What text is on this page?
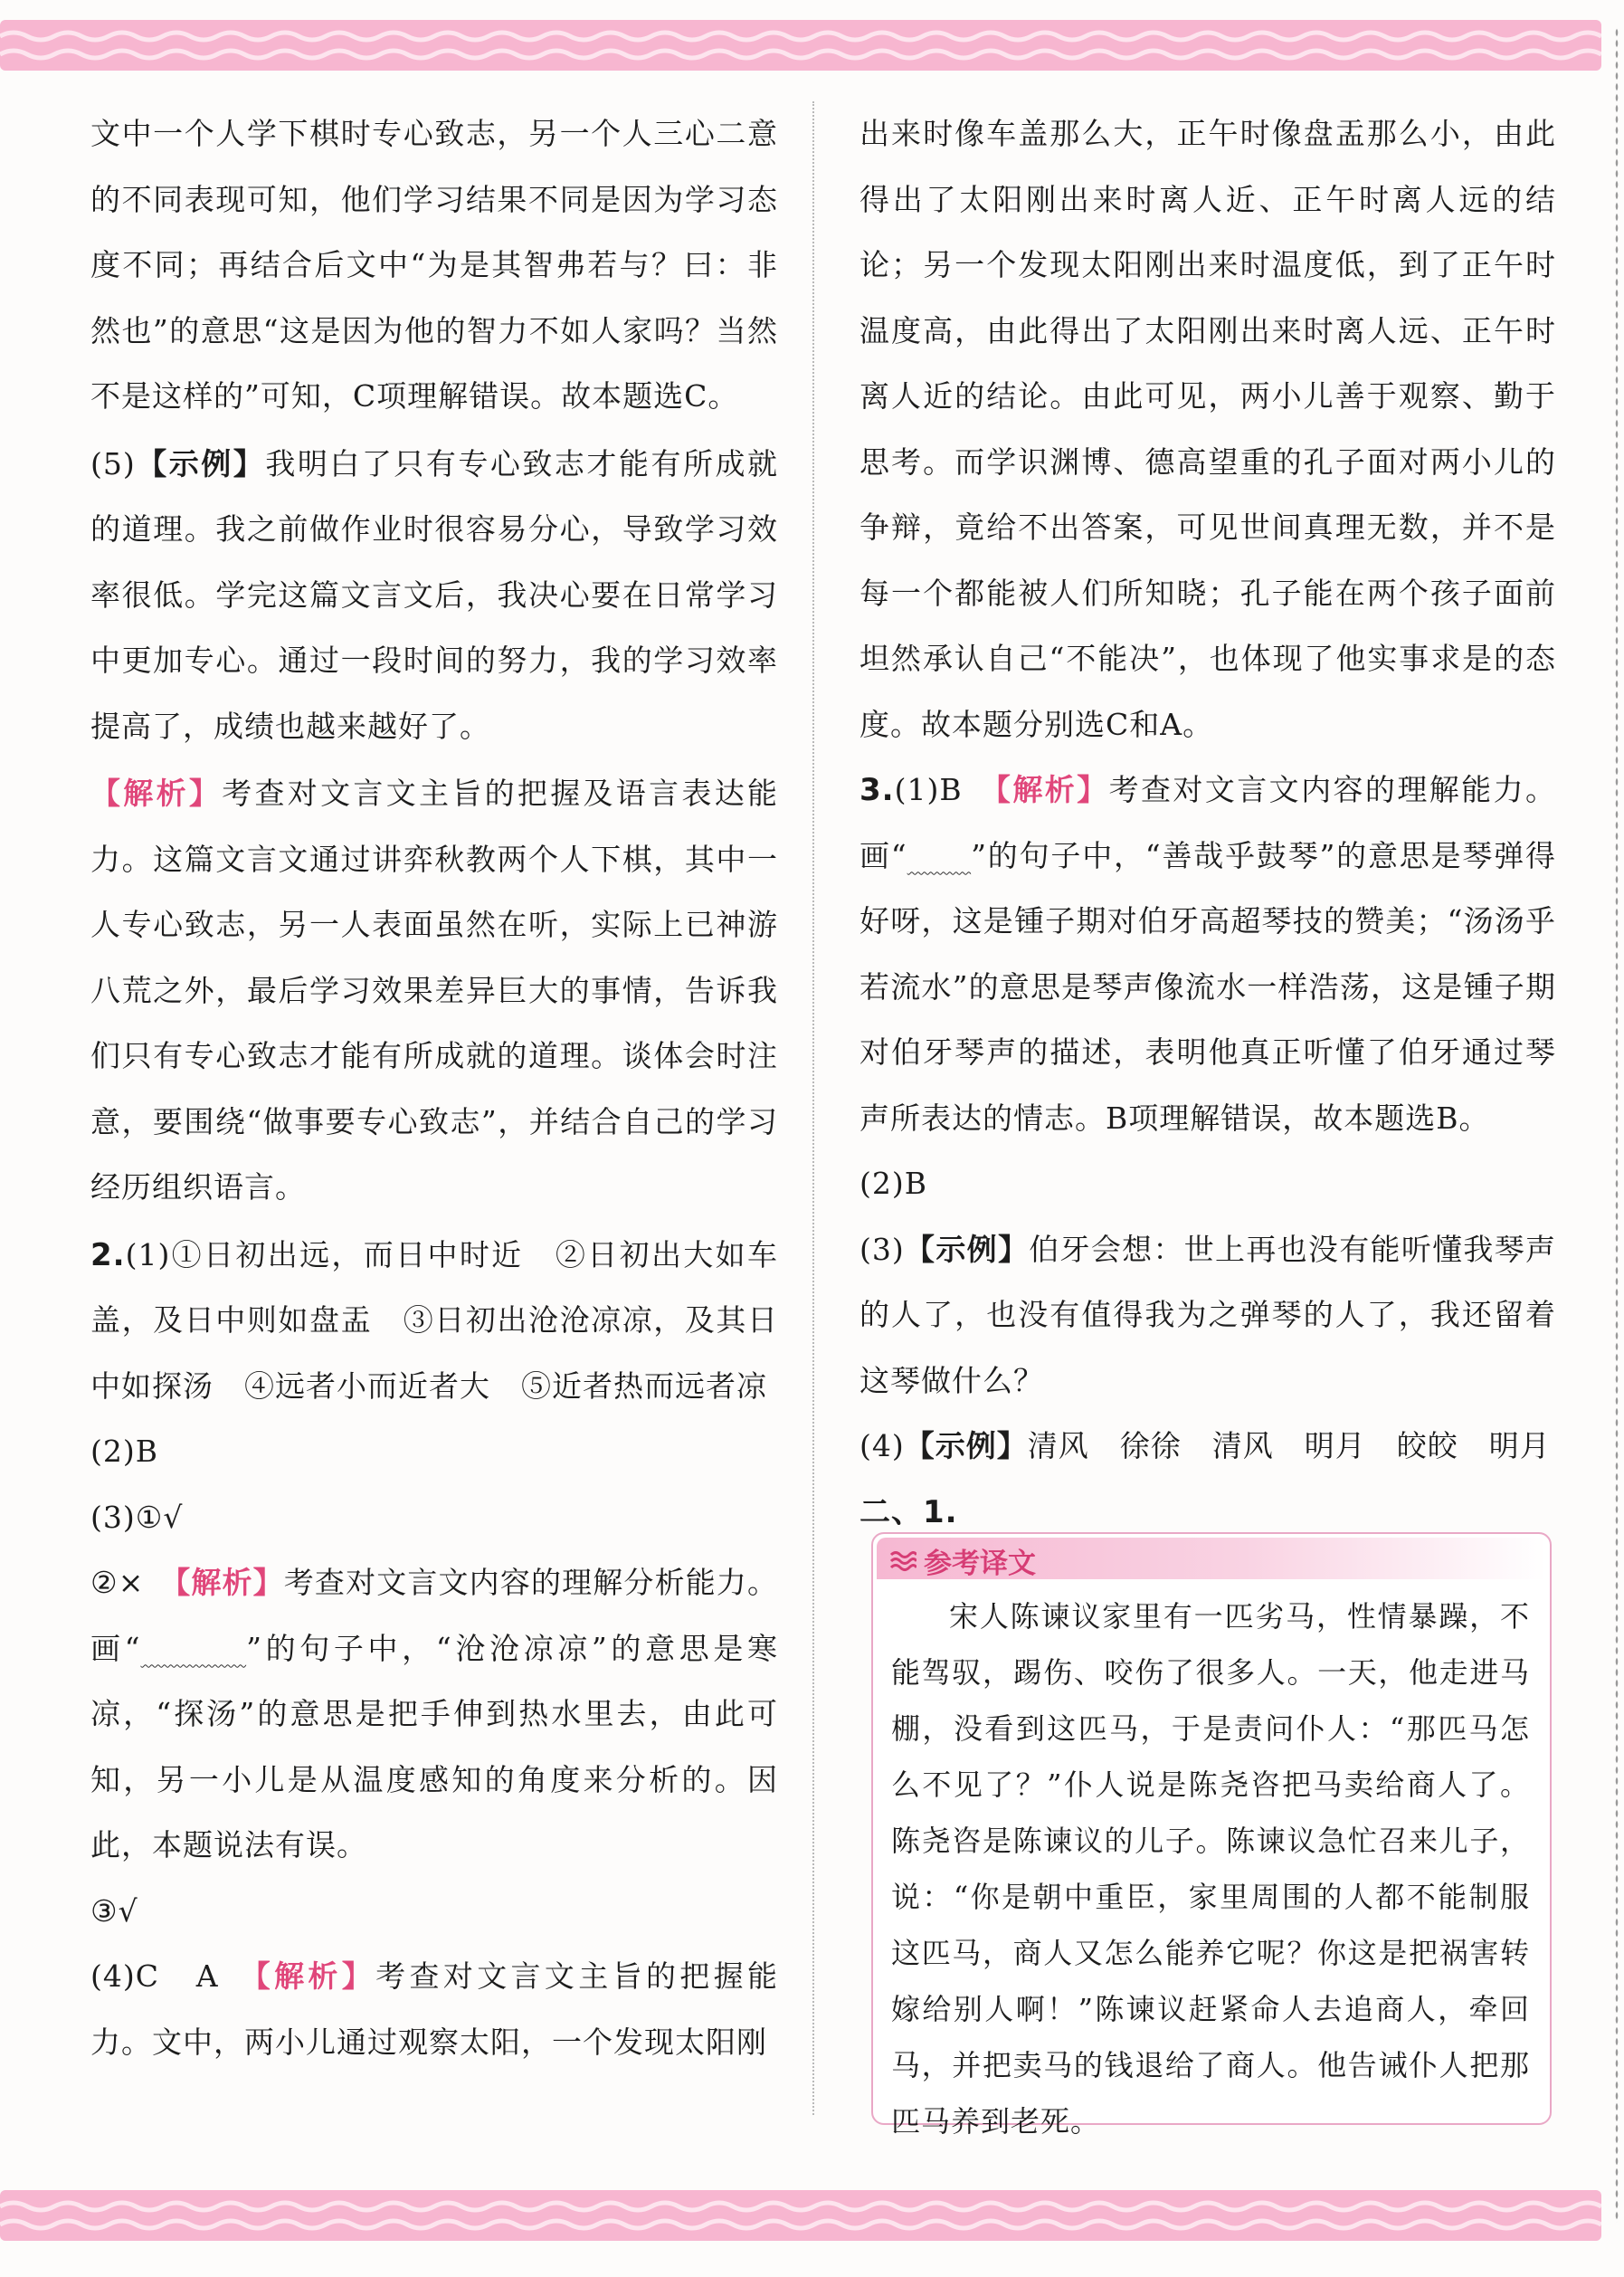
文中一个人学下棋时专心致志，另一个人三心二意的不同表现可知，他们学习结果不同是因为学习态度不同；再结合后文中“为是其智弗若与？曰：非然也”的意思“这是因为他的智力不如人家吗？当然不是这样的”可知，C项理解错误。故本题选C。

(5)【示例】我明白了只有专心致志才能有所成就的道理。我之前做作业时很容易分心，导致学习效率很低。学完这篇文言文后，我决心要在日常学习中更加专心。通过一段时间的努力，我的学习效率提高了，成绩也越来越好了。

【解析】考查对文言文主旨的把握及语言表达能力。这篇文言文通过讲弈秋教两个人下棋，其中一人专心致志，另一人表面虽然在听，实际上已神游八荒之外，最后学习效果差异巨大的事情，告诉我们只有专心致志才能有所成就的道理。谈体会时注意，要围绕“做事要专心致志”，并结合自己的学习经历组织语言。

2.(1)①日初出远，而日中时近　②日初出大如车盖，及日中则如盘盂　③日初出沧沧凉凉，及其日中如探汤　④远者小而近者大　⑤近者热而远者凉

(2)B

(3)①√

②×　【解析】考查对文言文内容的理解分析能力。画“　　　	”的句子中，“沧沧凉凉”的意思是寒凉，“探汤”的意思是把手伸到热水里去，由此可知，另一小儿是从温度感知的角度来分析的。因此，本题说法有误。

③√

(4)C　A　【解析】考查对文言文主旨的把握能力。文中，两小儿通过观察太阳，一个发现太阳刚

出来时像车盖那么大，正午时像盘盂那么小，由此得出了太阳刚出来时离人近、正午时离人远的结论；另一个发现太阳刚出来时温度低，到了正午时温度高，由此得出了太阳刚出来时离人远、正午时离人近的结论。由此可见，两小儿善于观察、勤于思考。而学识渊博、德高望重的孔子面对两小儿的争辩，竟给不出答案，可见世间真理无数，并不是每一个都能被人们所知晓；孔子能在两个孩子面前坦然承认自己“不能决”，也体现了他实事求是的态度。故本题分别选C和A。

3.(1)B　【解析】考查对文言文内容的理解能力。画“　　 ”的句子中，“善哉乎鼓琴”的意思是琴弹得好呀，这是锺子期对伯牙高超琴技的赞美；“汤汤乎若流水”的意思是琴声像流水一样浩荡，这是锺子期对伯牙琴声的描述，表明他真正听懂了伯牙通过琴声所表达的情志。B项理解错误，故本题选B。

(2)B

(3)【示例】伯牙会想：世上再也没有能听懂我琴声的人了，也没有值得我为之弹琴的人了，我还留着这琴做什么？

(4)【示例】清风　徐徐　清风　明月　皎皎　明月

二、1.

参考译文

宋人陈谏议家里有一匹劣马，性情暴躁，不能驾驭，踢伤、咬伤了很多人。一天，他走进马棚，没看到这匹马，于是责问仆人：“那匹马怎么不见了？”仆人说是陈尧咨把马卖给商人了。陈尧咨是陈谏议的儿子。陈谏议急忙召来儿子，说：“你是朝中重臣，家里周围的人都不能制服这匹马，商人又怎么能养它呢？你这是把祸害转嫁给别人啊！”陈谏议赶紧命人去追商人，牵回马，并把卖马的钱退给了商人。他告诫仆人把那匹马养到老死。
